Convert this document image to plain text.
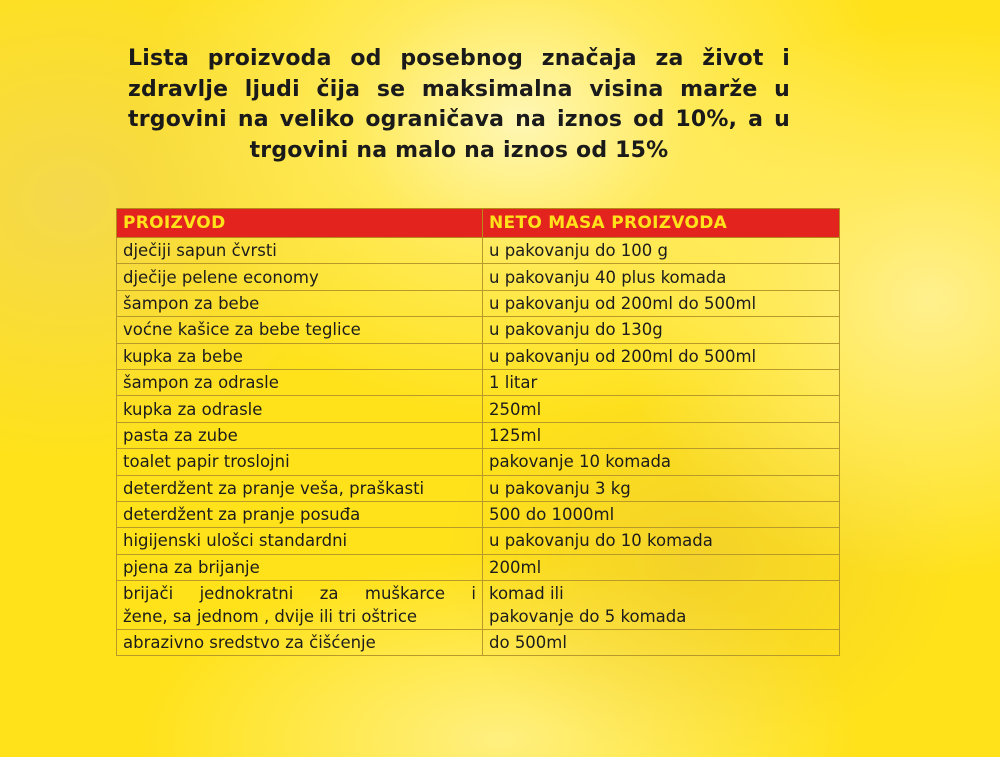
Lista proizvoda od posebnog značaja za život i zdravlje ljudi čija se maksimalna visina marže u trgovini na veliko ograničava na iznos od 10%, a u trgovini na malo na iznos od 15%

PROIZVOD	NETO MASA PROIZVODA
dječiji sapun čvrsti	u pakovanju do 100 g
dječije pelene economy	u pakovanju 40 plus komada
šampon za bebe	u pakovanju od 200ml do 500ml
voćne kašice za bebe teglice	u pakovanju do 130g
kupka za bebe	u pakovanju od 200ml do 500ml
šampon za odrasle	1 litar
kupka za odrasle	250ml
pasta za zube	125ml
toalet papir troslojni	pakovanje 10 komada
deterdžent za pranje veša, praškasti	u pakovanju 3 kg
deterdžent za pranje posuđa	500 do 1000ml
higijenski ulošci standardni	u pakovanju do 10 komada
pjena za brijanje	200ml

brijači jednokratni za muškarce i
žene, sa jednom , dvije ili tri oštrice	komad ili
pakovanje do 5 komada

abrazivno sredstvo za čišćenje	do 500ml
